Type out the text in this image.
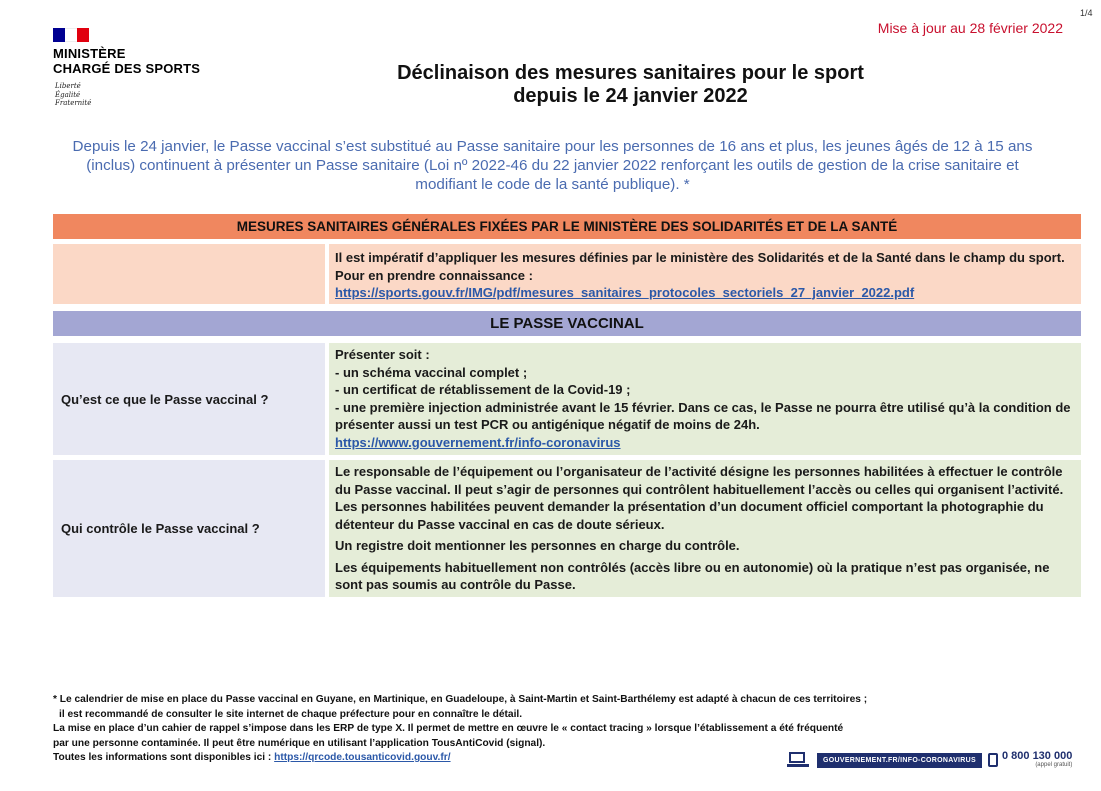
MINISTÈRE
CHARGÉ DES SPORTS
Liberté
Égalité
Fraternité
1/4
Mise à jour au 28 février 2022
Déclinaison des mesures sanitaires pour le sport
depuis le 24 janvier 2022
Depuis le 24 janvier, le Passe vaccinal s’est substitué au Passe sanitaire pour les personnes de 16 ans et plus, les jeunes âgés de 12 à 15 ans (inclus) continuent à présenter un Passe sanitaire (Loi nº 2022-46 du 22 janvier 2022 renforçant les outils de gestion de la crise sanitaire et modifiant le code de la santé publique). *
MESURES SANITAIRES GÉNÉRALES FIXÉES PAR LE MINISTÈRE DES SOLIDARITÉS ET DE LA SANTÉ
Il est impératif d’appliquer les mesures définies par le ministère des Solidarités et de la Santé dans le champ du sport. Pour en prendre connaissance :
https://sports.gouv.fr/IMG/pdf/mesures_sanitaires_protocoles_sectoriels_27_janvier_2022.pdf
LE PASSE VACCINAL
Qu’est ce que le Passe vaccinal ?
Présenter soit :
- un schéma vaccinal complet ;
- un certificat de rétablissement de la Covid-19 ;
- une première injection administrée avant le 15 février. Dans ce cas, le Passe ne pourra être utilisé qu’à la condition de présenter aussi un test PCR ou antigénique négatif de moins de 24h.
https://www.gouvernement.fr/info-coronavirus
Qui contrôle le Passe vaccinal ?

Le responsable de l’équipement ou l’organisateur de l’activité désigne les personnes habilitées à effectuer le contrôle du Passe vaccinal. Il peut s’agir de personnes qui contrôlent habituellement l’accès ou celles qui organisent l’activité. Les personnes habilitées peuvent demander la présentation d’un document officiel comportant la photographie du détenteur du Passe vaccinal en cas de doute sérieux.

Un registre doit mentionner les personnes en charge du contrôle.

Les équipements habituellement non contrôlés (accès libre ou en autonomie) où la pratique n’est pas organisée, ne sont pas soumis au contrôle du Passe.

* Le calendrier de mise en place du Passe vaccinal en Guyane, en Martinique, en Guadeloupe, à Saint-Martin et Saint-Barthélemy est adapté à chacun de ces territoires ;
il est recommandé de consulter le site internet de chaque préfecture pour en connaître le détail.
La mise en place d’un cahier de rappel s’impose dans les ERP de type X. Il permet de mettre en œuvre le « contact tracing » lorsque l’établissement a été fréquenté
par une personne contaminée. Il peut être numérique en utilisant l’application TousAntiCovid (signal).
Toutes les informations sont disponibles ici : https://qrcode.tousanticovid.gouv.fr/	GOUVERNEMENT.FR/INFO-CORONAVIRUS	0 800 130 000
(appel gratuit)
